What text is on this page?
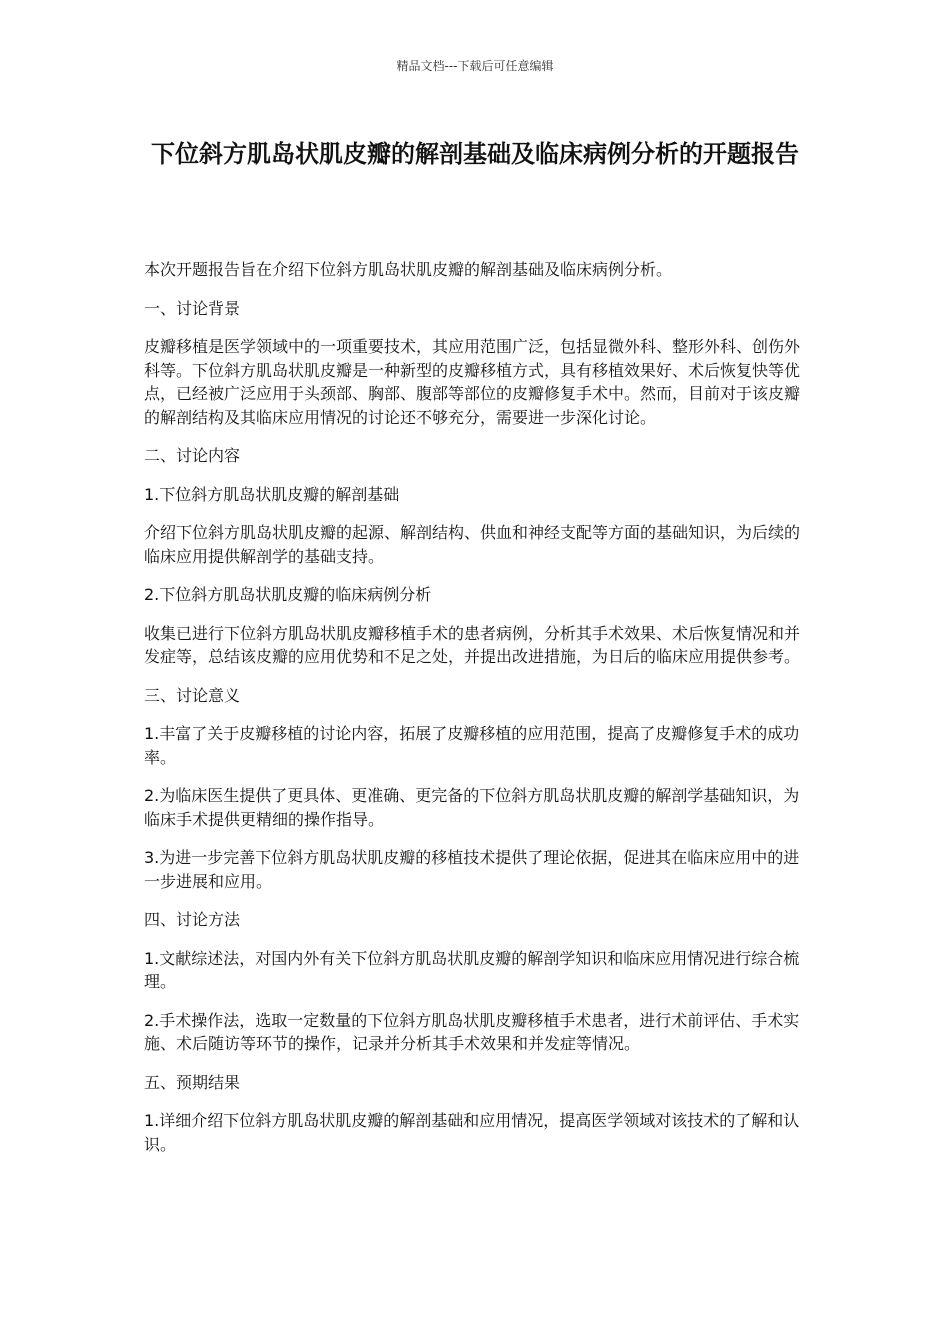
精品文档---下载后可任意编辑
下位斜方肌岛状肌皮瓣的解剖基础及临床病例分析的开题报告

本次开题报告旨在介绍下位斜方肌岛状肌皮瓣的解剖基础及临床病例分析。

一、讨论背景

皮瓣移植是医学领域中的一项重要技术，其应用范围广泛，包括显微外科、整形外科、创伤外科等。下位斜方肌岛状肌皮瓣是一种新型的皮瓣移植方式，具有移植效果好、术后恢复快等优点，已经被广泛应用于头颈部、胸部、腹部等部位的皮瓣修复手术中。然而，目前对于该皮瓣的解剖结构及其临床应用情况的讨论还不够充分，需要进一步深化讨论。

二、讨论内容

1.下位斜方肌岛状肌皮瓣的解剖基础

介绍下位斜方肌岛状肌皮瓣的起源、解剖结构、供血和神经支配等方面的基础知识，为后续的临床应用提供解剖学的基础支持。

2.下位斜方肌岛状肌皮瓣的临床病例分析

收集已进行下位斜方肌岛状肌皮瓣移植手术的患者病例，分析其手术效果、术后恢复情况和并发症等，总结该皮瓣的应用优势和不足之处，并提出改进措施，为日后的临床应用提供参考。

三、讨论意义

1.丰富了关于皮瓣移植的讨论内容，拓展了皮瓣移植的应用范围，提高了皮瓣修复手术的成功率。

2.为临床医生提供了更具体、更准确、更完备的下位斜方肌岛状肌皮瓣的解剖学基础知识，为临床手术提供更精细的操作指导。

3.为进一步完善下位斜方肌岛状肌皮瓣的移植技术提供了理论依据，促进其在临床应用中的进一步进展和应用。

四、讨论方法

1.文献综述法，对国内外有关下位斜方肌岛状肌皮瓣的解剖学知识和临床应用情况进行综合梳理。

2.手术操作法，选取一定数量的下位斜方肌岛状肌皮瓣移植手术患者，进行术前评估、手术实施、术后随访等环节的操作，记录并分析其手术效果和并发症等情况。

五、预期结果

1.详细介绍下位斜方肌岛状肌皮瓣的解剖基础和应用情况，提高医学领域对该技术的了解和认识。
